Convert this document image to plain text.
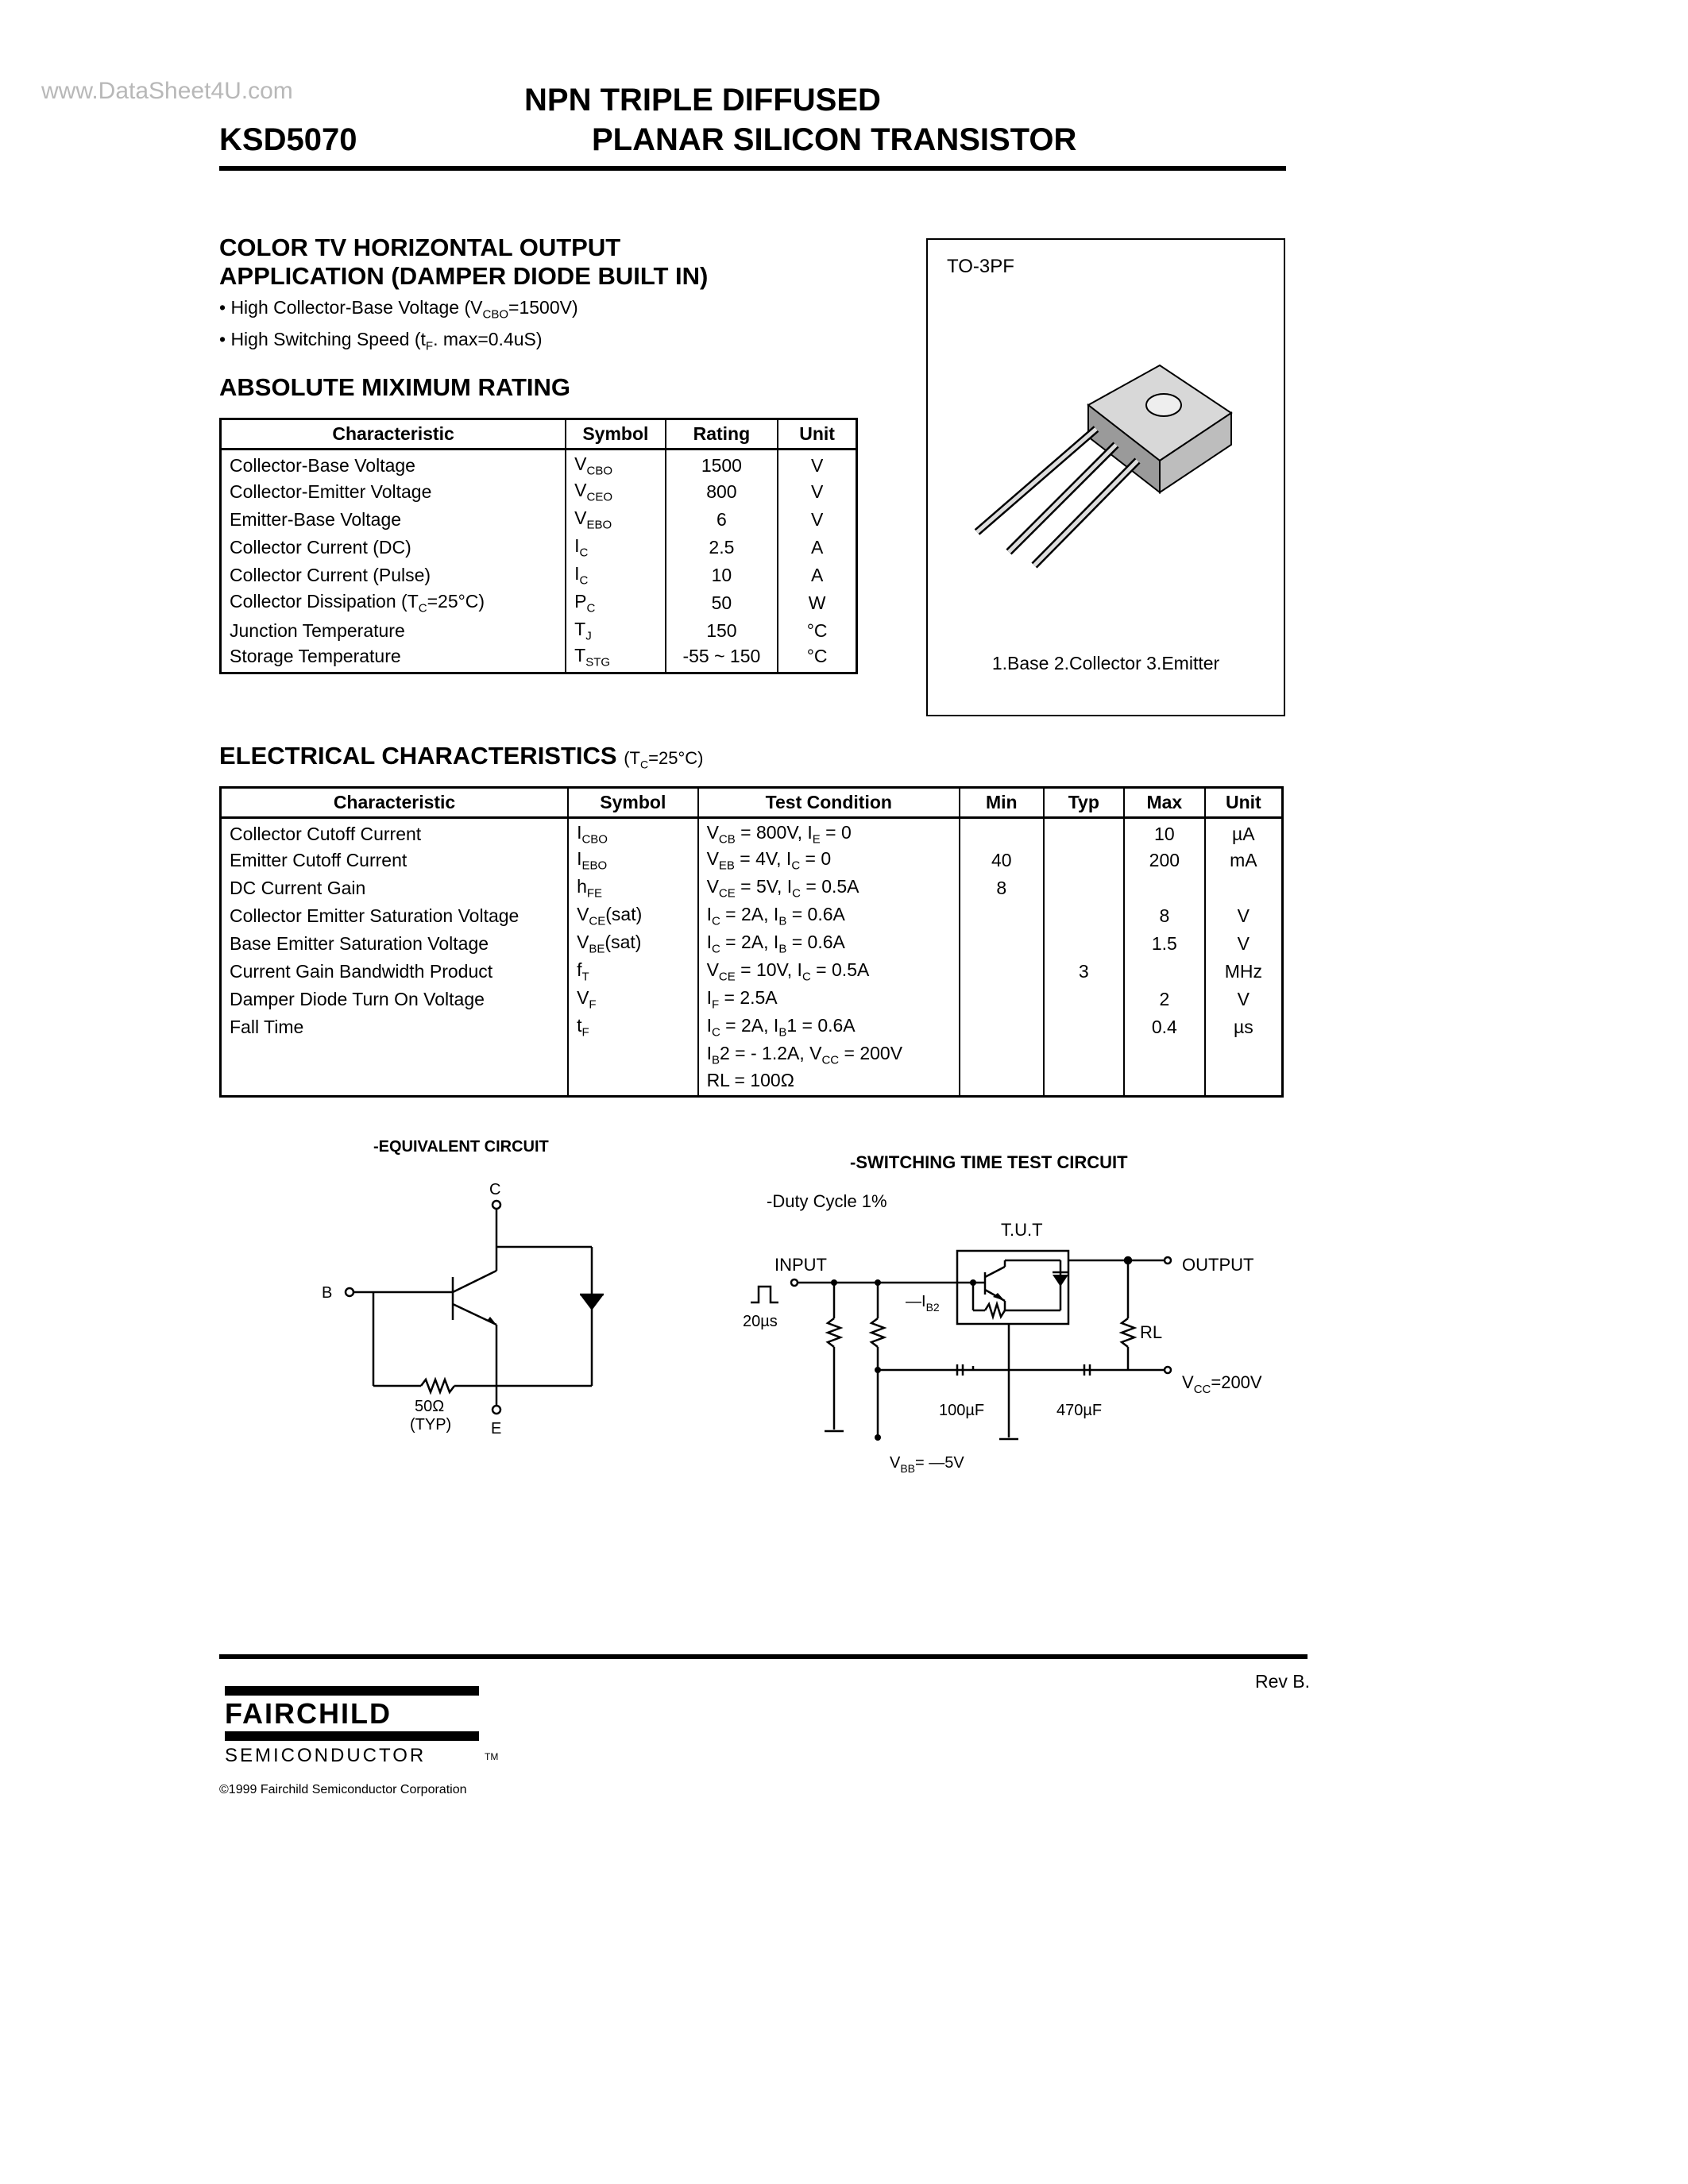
www.DataSheet4U.com	NPN TRIPLE DIFFUSED
PLANAR SILICON TRANSISTOR
KSD5070
COLOR TV HORIZONTAL OUTPUT
APPLICATION (DAMPER DIODE BUILT IN)
• High Collector-Base Voltage $(V_{CBO}=1500V)$
• High Switching Speed ($t_F$. max=0.4uS)
ABSOLUTE MIXIMUM RATING
Characteristic	Symbol	Rating	Unit
Collector-Base Voltage	$V_{CBO}$	1500	V
Collector-Emitter Voltage	$V_{CEO}$	800	V
Emitter-Base Voltage	$V_{EBO}$	6	V
Collector Current (DC)	$I_C$	2.5	A
Collector Current (Pulse)	$I_C$	10	A
Collector Dissipation $(T_C=25^\circ C)$	$P_C$	50	W
Junction Temperature	$T_J$	150	°C
Storage Temperature	$T_{STG}$	-55 ~ 150	°C
TO-3PF
1.Base 2.Collector 3.Emitter
ELECTRICAL CHARACTERISTICS $(T_C=25^\circ C)$
Characteristic	Symbol	Test Condition	Min	Typ	Max	Unit
Collector Cutoff Current	$I_{CBO}$	$V_{CB} = 800V$, $I_E = 0$			10	µA
Emitter Cutoff Current	$I_{EBO}$	$V_{EB} = 4V$, $I_C = 0$	40		200	mA
DC Current Gain	$h_{FE}$	$V_{CE} = 5V$, $I_C = 0.5A$	8			
Collector Emitter Saturation Voltage	$V_{CE}(sat)$	$I_C = 2A$, $I_B = 0.6A$			8	V
Base Emitter Saturation Voltage	$V_{BE}(sat)$	$I_C = 2A$, $I_B = 0.6A$			1.5	V
Current Gain Bandwidth Product	$f_T$	$V_{CE} = 10V$, $I_C = 0.5A$		3		MHz
Damper Diode Turn On Voltage	$V_F$	$I_F = 2.5A$			2	V
Fall Time	$t_F$	$I_C = 2A$, $I_B1 = 0.6A$			0.4	µs
		$I_B2$ = - 1.2A, $V_{CC} = 200V$				
		RL = 100Ω				
-EQUIVALENT CIRCUIT
C
B
E
50Ω
(TYP)
-SWITCHING TIME TEST CIRCUIT
-Duty Cycle 1%
T.U.T
INPUT	OUTPUT
20µs
$—I_{B2}$
RL
$V_{CC}=200V$
100µF	470µF
$V_{BB}=$ —5V
Rev B.
FAIRCHILD
SEMICONDUCTOR	TM
©1999 Fairchild Semiconductor Corporation
